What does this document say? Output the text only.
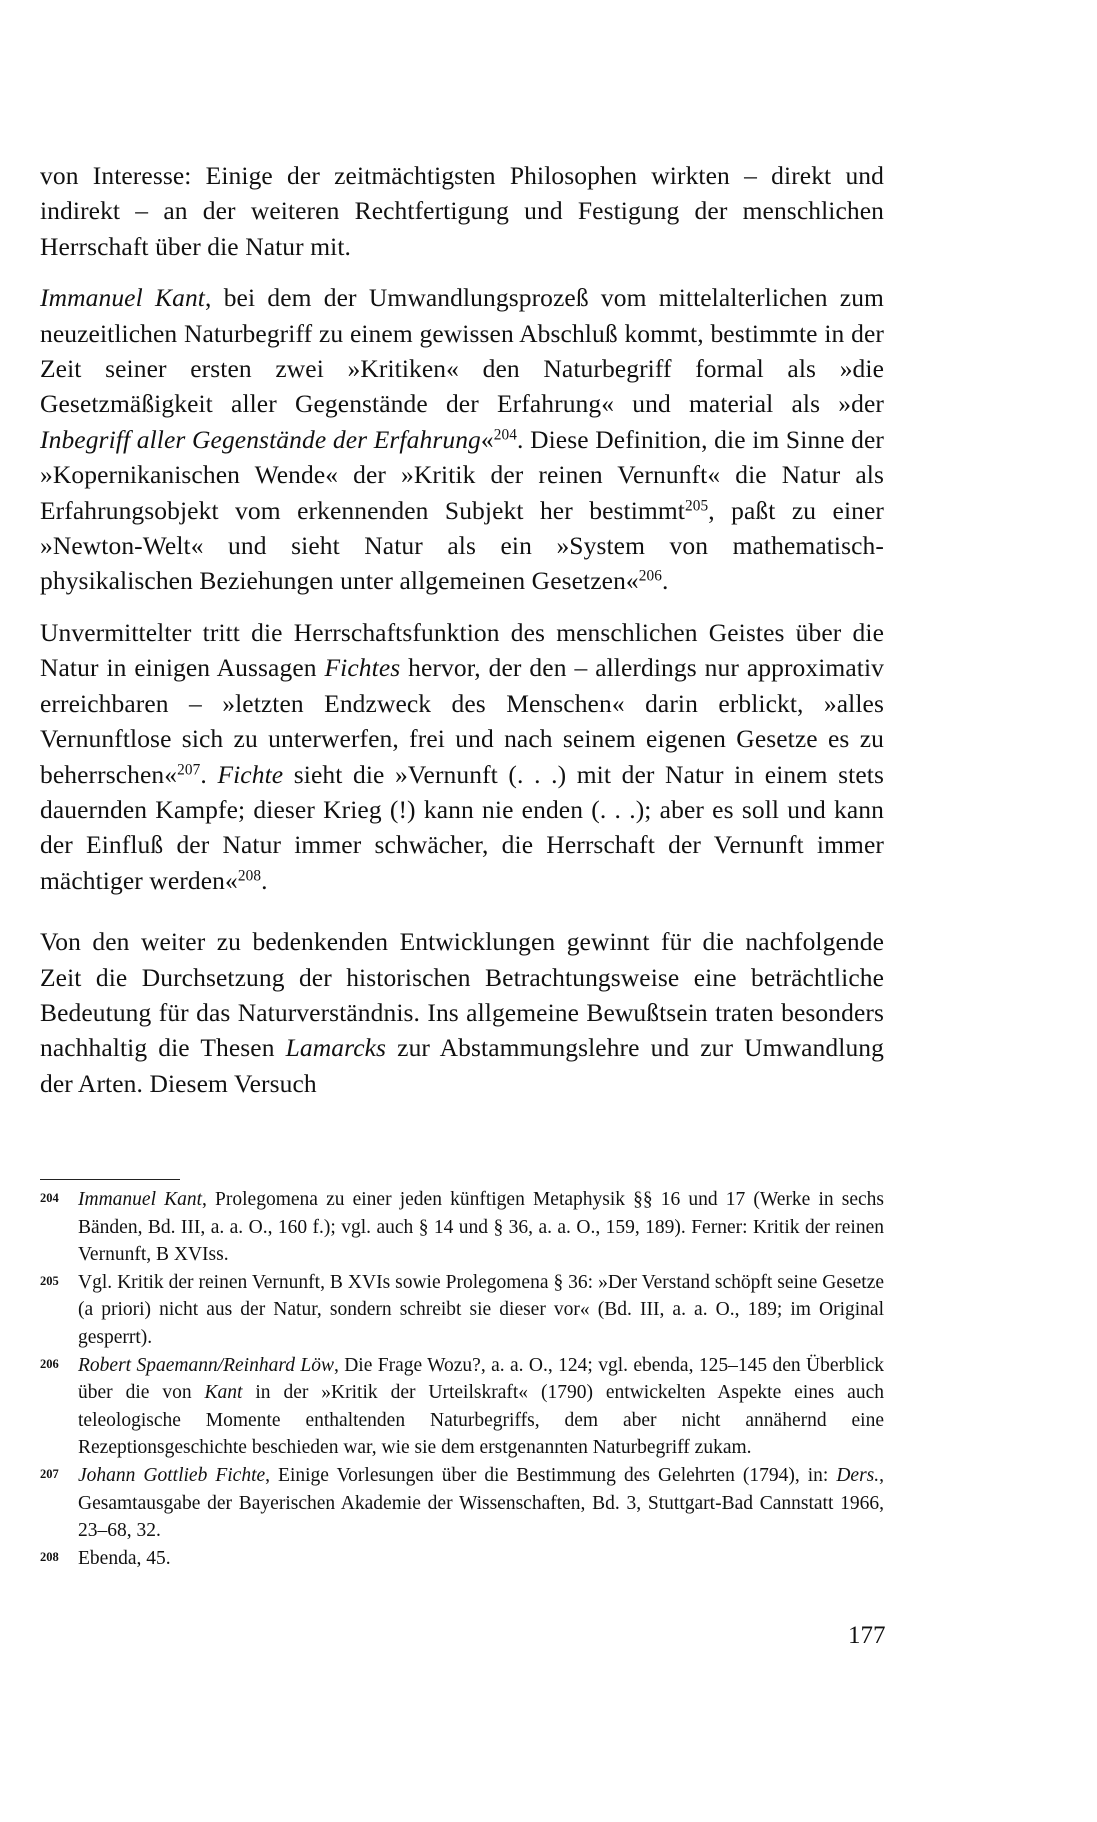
von Interesse: Einige der zeitmächtigsten Philosophen wirkten – direkt und indirekt – an der weiteren Rechtfertigung und Festigung der menschlichen Herrschaft über die Natur mit.

Immanuel Kant, bei dem der Umwandlungsprozeß vom mittelalterlichen zum neuzeitlichen Naturbegriff zu einem gewissen Abschluß kommt, bestimmte in der Zeit seiner ersten zwei »Kritiken« den Naturbegriff formal als »die Gesetzmäßigkeit aller Gegenstände der Erfahrung« und material als »der Inbegriff aller Gegenstände der Erfahrung«$^{204}$. Diese Definition, die im Sinne der »Kopernikanischen Wende« der »Kritik der reinen Vernunft« die Natur als Erfahrungsobjekt vom erkennenden Subjekt her bestimmt$^{205}$, paßt zu einer »Newton-Welt« und sieht Natur als ein »System von mathematisch-physikalischen Beziehungen unter allgemeinen Gesetzen«$^{206}$.

Unvermittelter tritt die Herrschaftsfunktion des menschlichen Geistes über die Natur in einigen Aussagen Fichtes hervor, der den – allerdings nur approximativ erreichbaren – »letzten Endzweck des Menschen« darin erblickt, »alles Vernunftlose sich zu unterwerfen, frei und nach seinem eigenen Gesetze es zu beherrschen«$^{207}$. Fichte sieht die »Vernunft (. . .) mit der Natur in einem stets dauernden Kampfe; dieser Krieg (!) kann nie enden (. . .); aber es soll und kann der Einfluß der Natur immer schwächer, die Herrschaft der Vernunft immer mächtiger werden«$^{208}$.

Von den weiter zu bedenkenden Entwicklungen gewinnt für die nachfolgende Zeit die Durchsetzung der historischen Betrachtungsweise eine beträchtliche Bedeutung für das Naturverständnis. Ins allgemeine Bewußtsein traten besonders nachhaltig die Thesen Lamarcks zur Abstammungslehre und zur Umwandlung der Arten. Diesem Versuch

204 Immanuel Kant, Prolegomena zu einer jeden künftigen Metaphysik §§ 16 und 17 (Werke in sechs Bänden, Bd. III, a. a. O., 160 f.); vgl. auch § 14 und § 36, a. a. O., 159, 189). Ferner: Kritik der reinen Vernunft, B XVIss.

205 Vgl. Kritik der reinen Vernunft, B XVIs sowie Prolegomena § 36: »Der Verstand schöpft seine Gesetze (a priori) nicht aus der Natur, sondern schreibt sie dieser vor« (Bd. III, a. a. O., 189; im Original gesperrt).

206 Robert Spaemann/Reinhard Löw, Die Frage Wozu?, a. a. O., 124; vgl. ebenda, 125–145 den Überblick über die von Kant in der »Kritik der Urteilskraft« (1790) entwickelten Aspekte eines auch teleologische Momente enthaltenden Naturbegriffs, dem aber nicht annähernd eine Rezeptionsgeschichte beschieden war, wie sie dem erstgenannten Naturbegriff zukam.

207 Johann Gottlieb Fichte, Einige Vorlesungen über die Bestimmung des Gelehrten (1794), in: Ders., Gesamtausgabe der Bayerischen Akademie der Wissenschaften, Bd. 3, Stuttgart-Bad Cannstatt 1966, 23–68, 32.

208 Ebenda, 45.

177
